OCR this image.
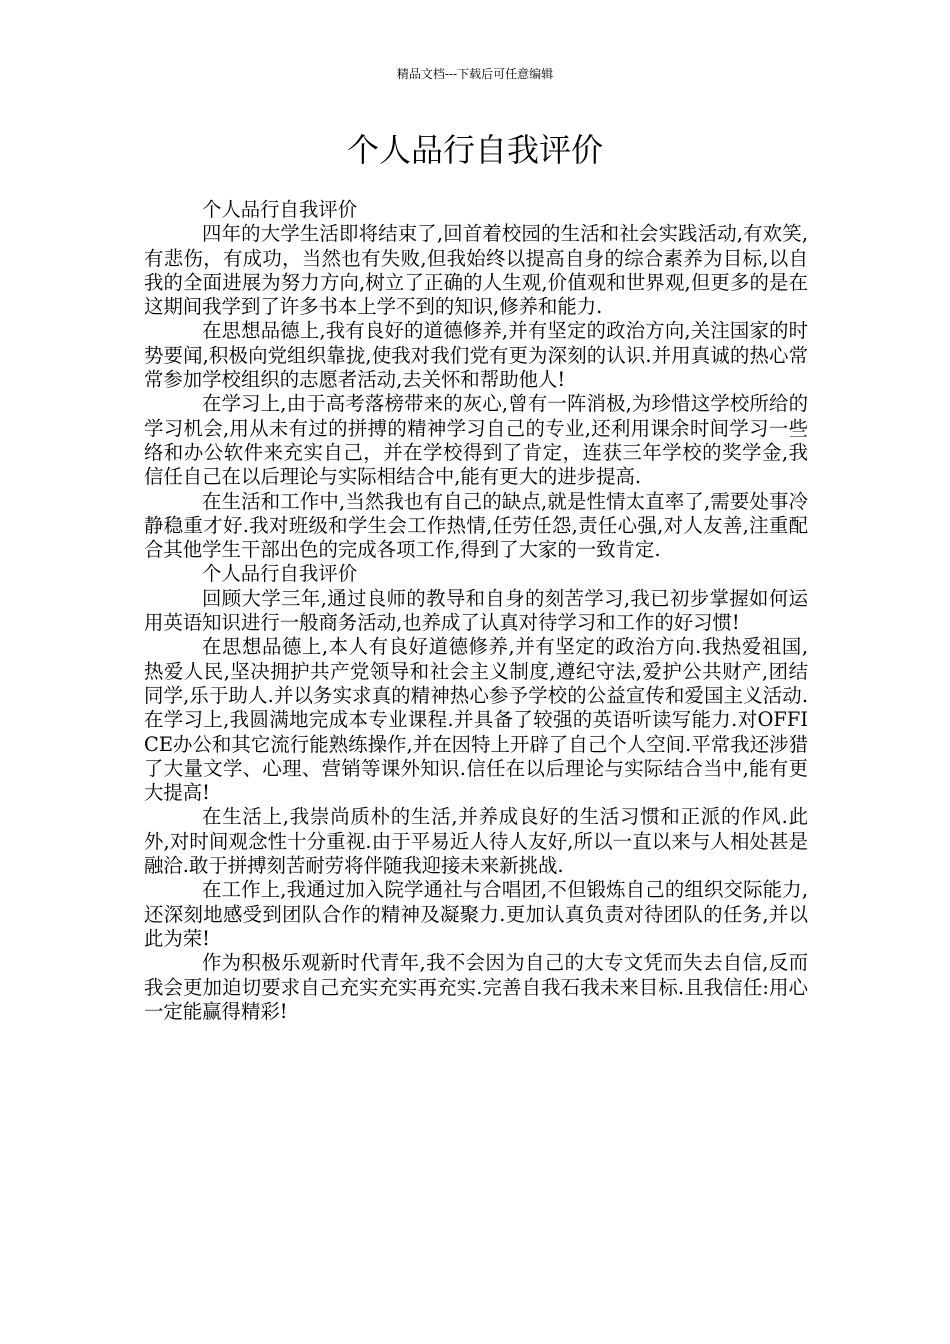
精品文档---下载后可任意编辑
个人品行自我评价

个人品行自我评价

四年的大学生活即将结束了,回首着校园的生活和社会实践活动,有欢笑,有悲伤，有成功，当然也有失败,但我始终以提高自身的综合素养为目标,以自我的全面进展为努力方向,树立了正确的人生观,价值观和世界观,但更多的是在这期间我学到了许多书本上学不到的知识,修养和能力.

在思想品德上,我有良好的道德修养,并有坚定的政治方向,关注国家的时势要闻,积极向党组织靠拢,使我对我们党有更为深刻的认识.并用真诚的热心常常参加学校组织的志愿者活动,去关怀和帮助他人!

在学习上,由于高考落榜带来的灰心,曾有一阵消极,为珍惜这学校所给的学习机会,用从未有过的拼搏的精神学习自己的专业,还利用课余时间学习一些络和办公软件来充实自己，并在学校得到了肯定，连获三年学校的奖学金,我信任自己在以后理论与实际相结合中,能有更大的进步提高.

在生活和工作中,当然我也有自己的缺点,就是性情太直率了,需要处事冷静稳重才好.我对班级和学生会工作热情,任劳任怨,责任心强,对人友善,注重配合其他学生干部出色的完成各项工作,得到了大家的一致肯定.

个人品行自我评价

回顾大学三年,通过良师的教导和自身的刻苦学习,我已初步掌握如何运用英语知识进行一般商务活动,也养成了认真对待学习和工作的好习惯!

在思想品德上,本人有良好道德修养,并有坚定的政治方向.我热爱祖国,热爱人民,坚决拥护共产党领导和社会主义制度,遵纪守法,爱护公共财产,团结同学,乐于助人.并以务实求真的精神热心参予学校的公益宣传和爱国主义活动. 在学习上,我圆满地完成本专业课程.并具备了较强的英语听读写能力.对OFFICE办公和其它流行能熟练操作,并在因特上开辟了自己个人空间.平常我还涉猎了大量文学、心理、营销等课外知识.信任在以后理论与实际结合当中,能有更大提高!

在生活上,我崇尚质朴的生活,并养成良好的生活习惯和正派的作风.此外,对时间观念性十分重视.由于平易近人待人友好,所以一直以来与人相处甚是融洽.敢于拼搏刻苦耐劳将伴随我迎接未来新挑战.

在工作上,我通过加入院学通社与合唱团,不但锻炼自己的组织交际能力,还深刻地感受到团队合作的精神及凝聚力.更加认真负责对待团队的任务,并以此为荣!

作为积极乐观新时代青年,我不会因为自己的大专文凭而失去自信,反而我会更加迫切要求自己充实充实再充实.完善自我石我未来目标.且我信任:用心一定能赢得精彩!
